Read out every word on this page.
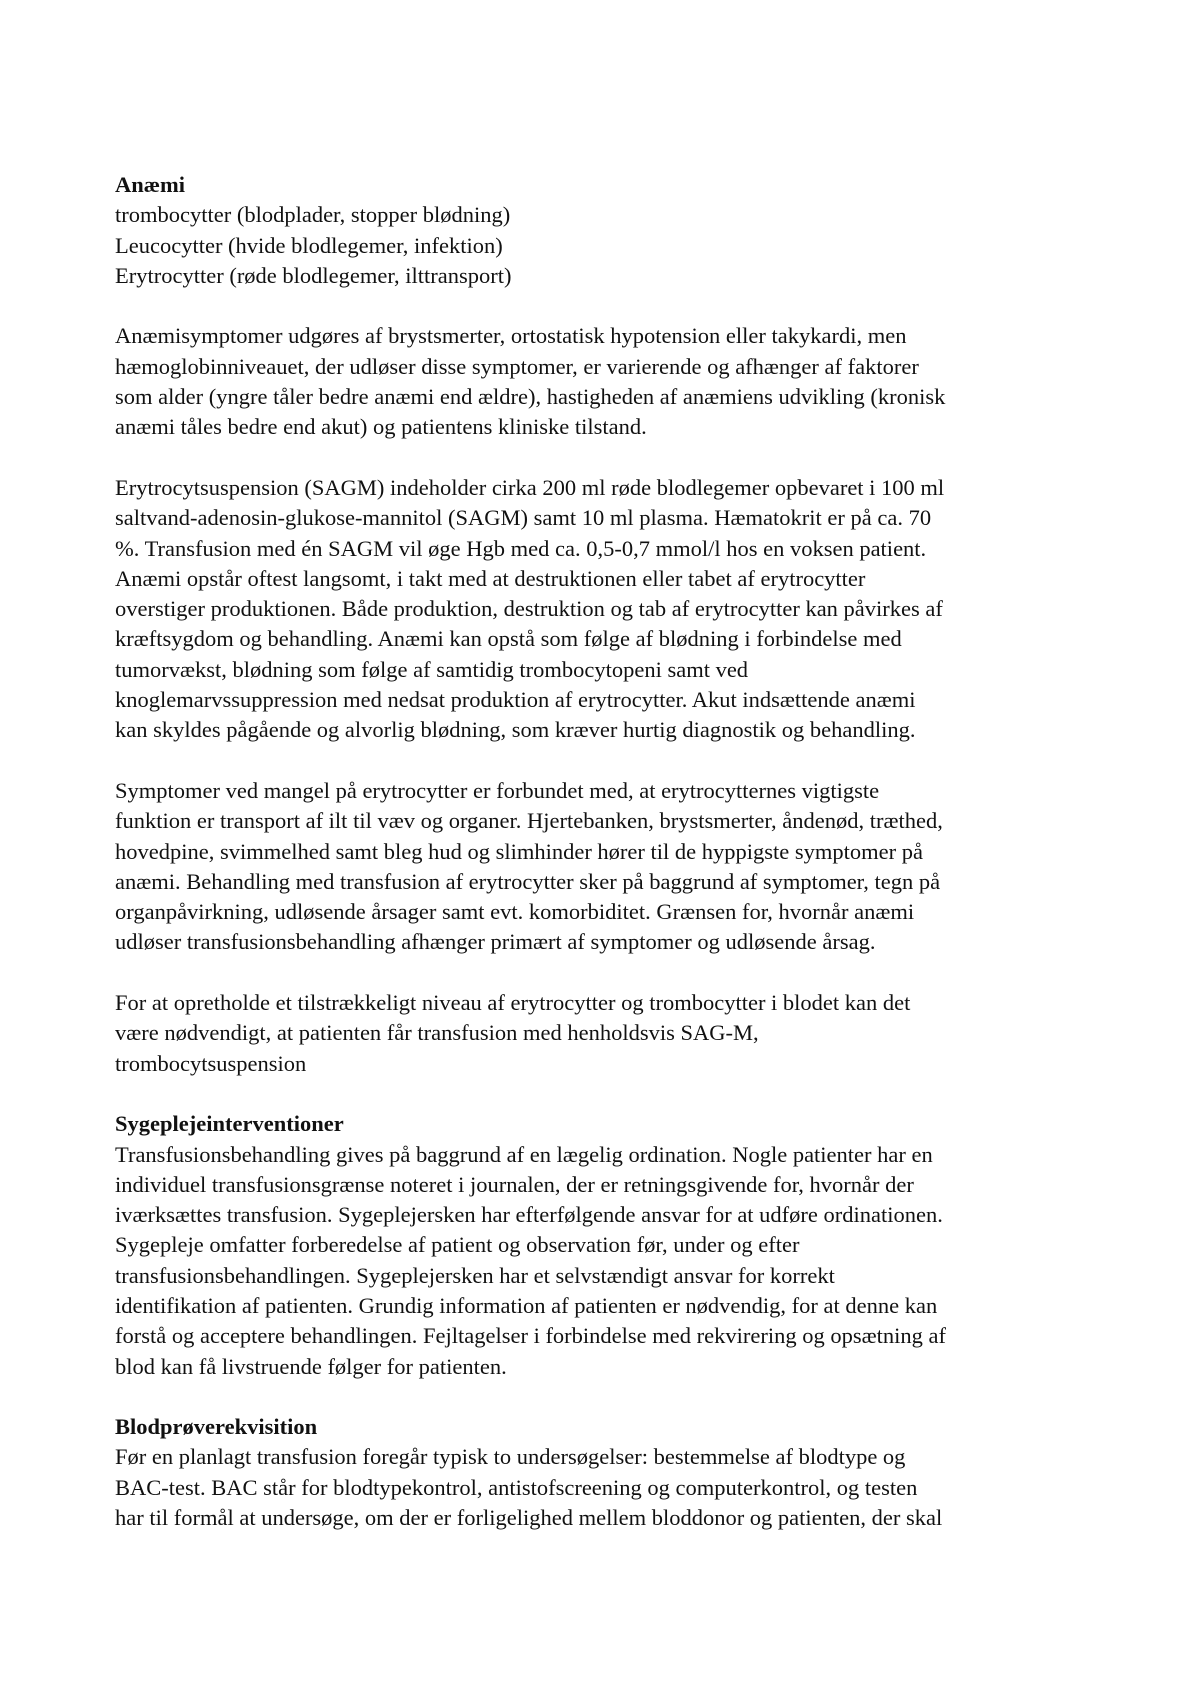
Anæmi
trombocytter (blodplader, stopper blødning)
Leucocytter (hvide blodlegemer, infektion)
Erytrocytter (røde blodlegemer, ilttransport)
Anæmisymptomer udgøres af brystsmerter, ortostatisk hypotension eller takykardi, men
hæmoglobinniveauet, der udløser disse symptomer, er varierende og afhænger af faktorer
som alder (yngre tåler bedre anæmi end ældre), hastigheden af anæmiens udvikling (kronisk
anæmi tåles bedre end akut) og patientens kliniske tilstand.
Erytrocytsuspension (SAGM) indeholder cirka 200 ml røde blodlegemer opbevaret i 100 ml
saltvand-adenosin-glukose-mannitol (SAGM) samt 10 ml plasma. Hæmatokrit er på ca. 70
%. Transfusion med én SAGM vil øge Hgb med ca. 0,5-0,7 mmol/l hos en voksen patient.
Anæmi opstår oftest langsomt, i takt med at destruktionen eller tabet af erytrocytter
overstiger produktionen. Både produktion, destruktion og tab af erytrocytter kan påvirkes af
kræftsygdom og behandling. Anæmi kan opstå som følge af blødning i forbindelse med
tumorvækst, blødning som følge af samtidig trombocytopeni samt ved
knoglemarvssuppression med nedsat produktion af erytrocytter. Akut indsættende anæmi
kan skyldes pågående og alvorlig blødning, som kræver hurtig diagnostik og behandling.
Symptomer ved mangel på erytrocytter er forbundet med, at erytrocytternes vigtigste
funktion er transport af ilt til væv og organer. Hjertebanken, brystsmerter, åndenød, træthed,
hovedpine, svimmelhed samt bleg hud og slimhinder hører til de hyppigste symptomer på
anæmi. Behandling med transfusion af erytrocytter sker på baggrund af symptomer, tegn på
organpåvirkning, udløsende årsager samt evt. komorbiditet. Grænsen for, hvornår anæmi
udløser transfusionsbehandling afhænger primært af symptomer og udløsende årsag.
For at opretholde et tilstrækkeligt niveau af erytrocytter og trombocytter i blodet kan det
være nødvendigt, at patienten får transfusion med henholdsvis SAG-M,
trombocytsuspension
Sygeplejeinterventioner
Transfusionsbehandling gives på baggrund af en lægelig ordination. Nogle patienter har en
individuel transfusionsgrænse noteret i journalen, der er retningsgivende for, hvornår der
iværksættes transfusion. Sygeplejersken har efterfølgende ansvar for at udføre ordinationen.
Sygepleje omfatter forberedelse af patient og observation før, under og efter
transfusionsbehandlingen. Sygeplejersken har et selvstændigt ansvar for korrekt
identifikation af patienten. Grundig information af patienten er nødvendig, for at denne kan
forstå og acceptere behandlingen. Fejltagelser i forbindelse med rekvirering og opsætning af
blod kan få livstruende følger for patienten.
Blodprøverekvisition
Før en planlagt transfusion foregår typisk to undersøgelser: bestemmelse af blodtype og
BAC-test. BAC står for blodtypekontrol, antistofscreening og computerkontrol, og testen
har til formål at undersøge, om der er forligelighed mellem bloddonor og patienten, der skal
